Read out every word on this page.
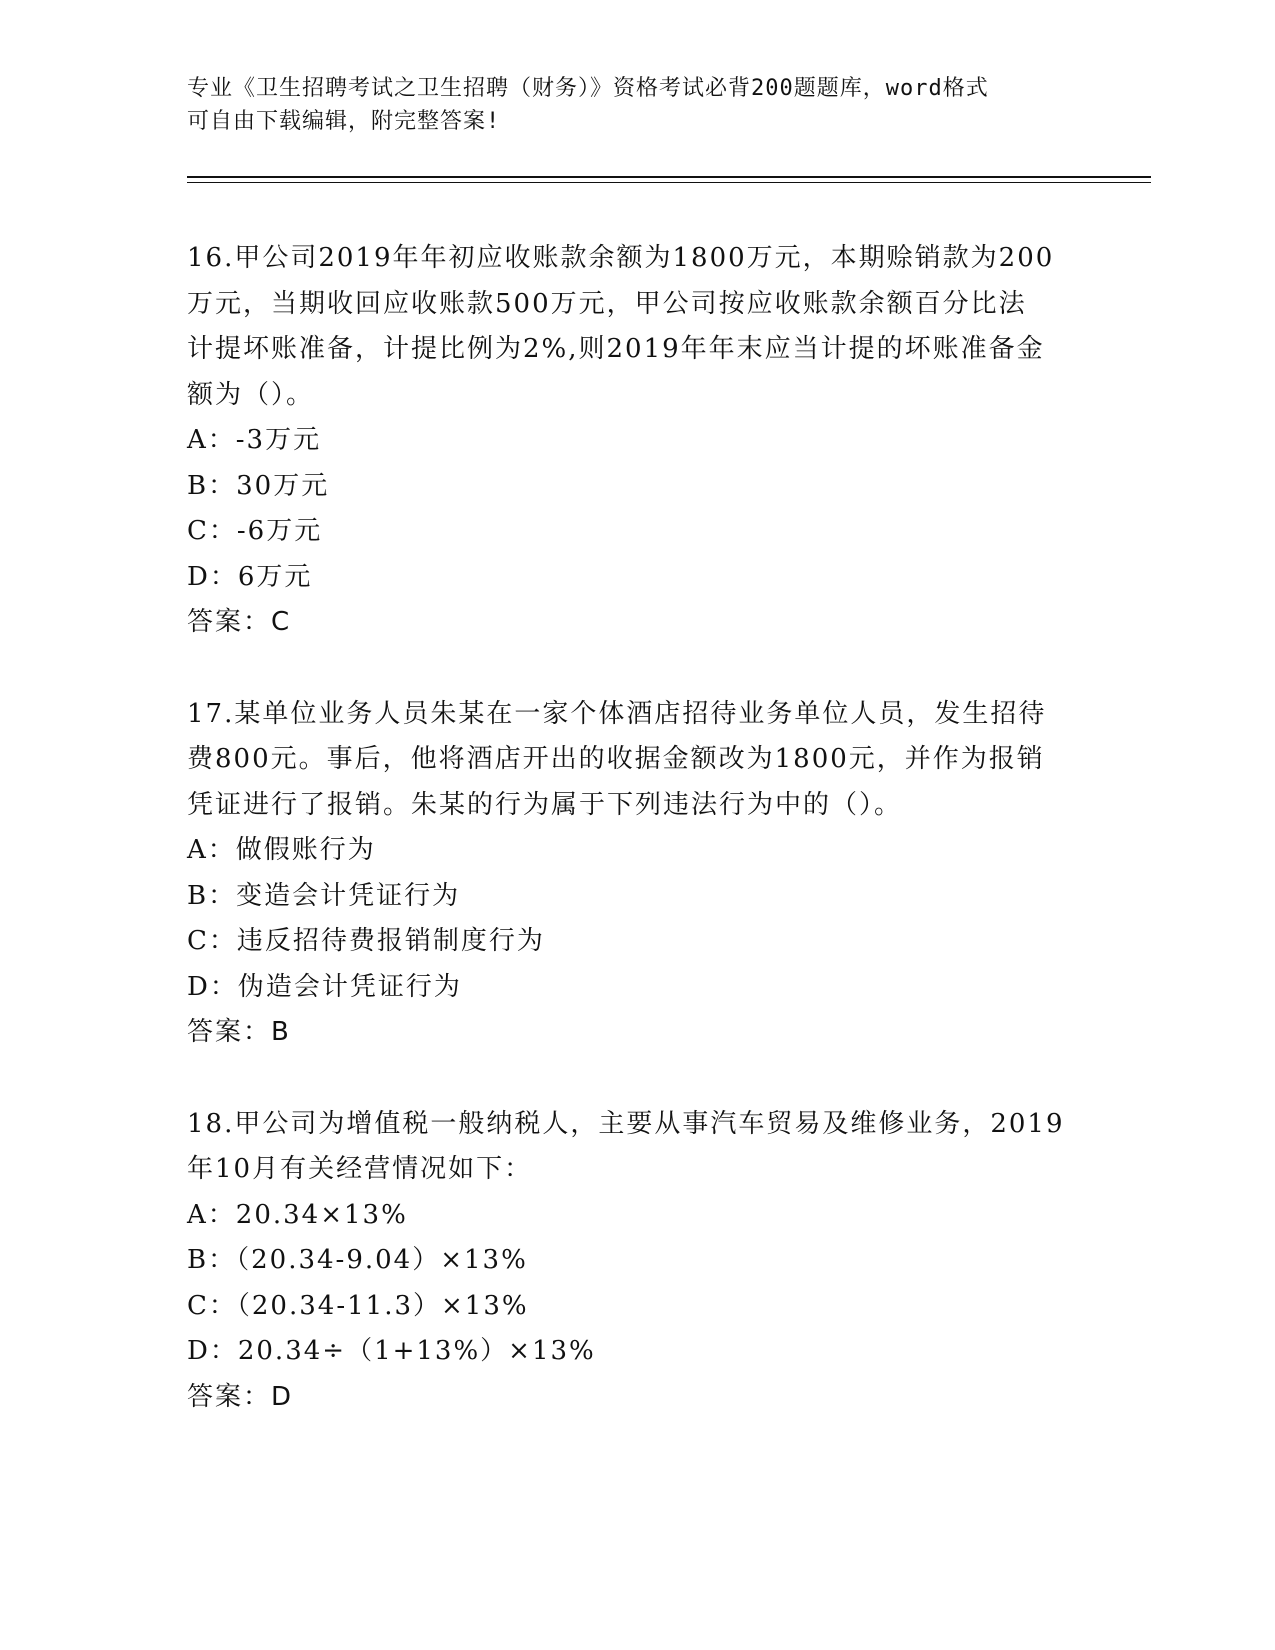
专业《卫生招聘考试之卫生招聘（财务）》资格考试必背200题题库，word格式
可自由下载编辑，附完整答案!
16.甲公司2019年年初应收账款余额为1800万元，本期赊销款为200
万元，当期收回应收账款500万元，甲公司按应收账款余额百分比法
计提坏账准备，计提比例为2%,则2019年年末应当计提的坏账准备金
额为（）。
A：-3万元
B：30万元
C：-6万元
D：6万元
答案：C
17.某单位业务人员朱某在一家个体酒店招待业务单位人员，发生招待
费800元。事后，他将酒店开出的收据金额改为1800元，并作为报销
凭证进行了报销。朱某的行为属于下列违法行为中的（）。
A：做假账行为
B：变造会计凭证行为
C：违反招待费报销制度行为
D：伪造会计凭证行为
答案：B
18.甲公司为增值税一般纳税人，主要从事汽车贸易及维修业务，2019
年10月有关经营情况如下：
A：20.34×13%
B：（20.34-9.04）×13%
C：（20.34-11.3）×13%
D：20.34÷（1+13%）×13%
答案：D
